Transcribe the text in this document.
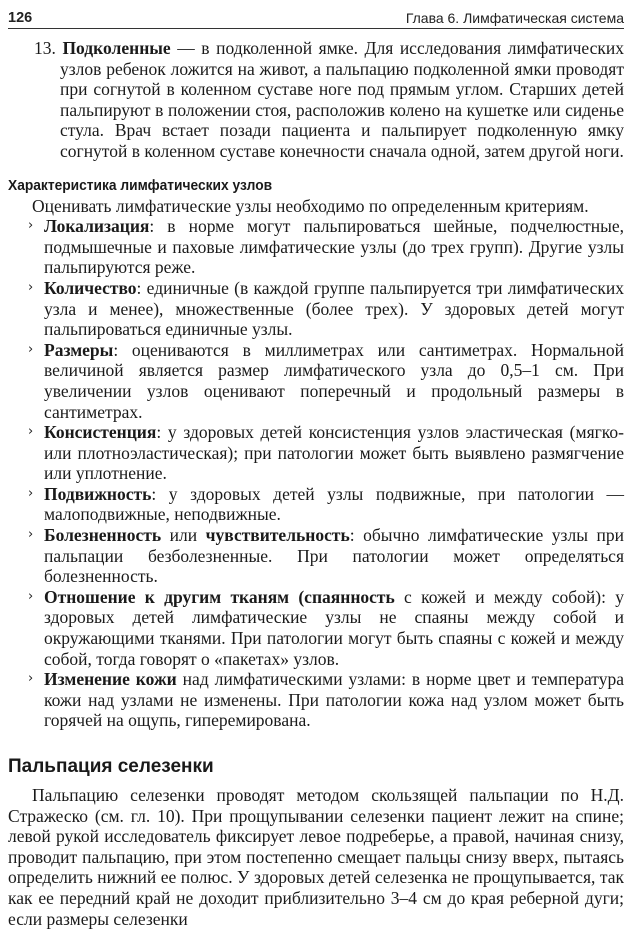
126	Глава 6. Лимфатическая система

13. Подколенные — в подколенной ямке. Для исследования лимфатических узлов ребенок ложится на живот, а пальпацию подколенной ямки проводят при согнутой в коленном суставе ноге под прямым углом. Старших детей пальпируют в положении стоя, расположив колено на кушетке или сиденье стула. Врач встает позади пациента и пальпирует подколенную ямку согнутой в коленном суставе конечности сначала одной, затем другой ноги.

Характеристика лимфатических узлов

Оценивать лимфатические узлы необходимо по определенным критериям.

› Локализация: в норме могут пальпироваться шейные, подчелюстные, подмышечные и паховые лимфатические узлы (до трех групп). Другие узлы пальпируются реже.
› Количество: единичные (в каждой группе пальпируется три лимфатических узла и менее), множественные (более трех). У здоровых детей могут пальпироваться единичные узлы.
› Размеры: оцениваются в миллиметрах или сантиметрах. Нормальной величиной является размер лимфатического узла до 0,5–1 см. При увеличении узлов оценивают поперечный и продольный размеры в сантиметрах.
› Консистенция: у здоровых детей консистенция узлов эластическая (мягко- или плотноэластическая); при патологии может быть выявлено размягчение или уплотнение.
› Подвижность: у здоровых детей узлы подвижные, при патологии — малоподвижные, неподвижные.
› Болезненность или чувствительность: обычно лимфатические узлы при пальпации безболезненные. При патологии может определяться болезненность.
› Отношение к другим тканям (спаянность с кожей и между собой): у здоровых детей лимфатические узлы не спаяны между собой и окружающими тканями. При патологии могут быть спаяны с кожей и между собой, тогда говорят о «пакетах» узлов.
› Изменение кожи над лимфатическими узлами: в норме цвет и температура кожи над узлами не изменены. При патологии кожа над узлом может быть горячей на ощупь, гиперемирована.
Пальпация селезенки

Пальпацию селезенки проводят методом скользящей пальпации по Н.Д. Стражеско (см. гл. 10). При прощупывании селезенки пациент лежит на спине; левой рукой исследователь фиксирует левое подреберье, а правой, начиная снизу, проводит пальпацию, при этом постепенно смещает пальцы снизу вверх, пытаясь определить нижний ее полюс. У здоровых детей селезенка не прощупывается, так как ее передний край не доходит приблизительно 3–4 см до края реберной дуги; если размеры селезенки
